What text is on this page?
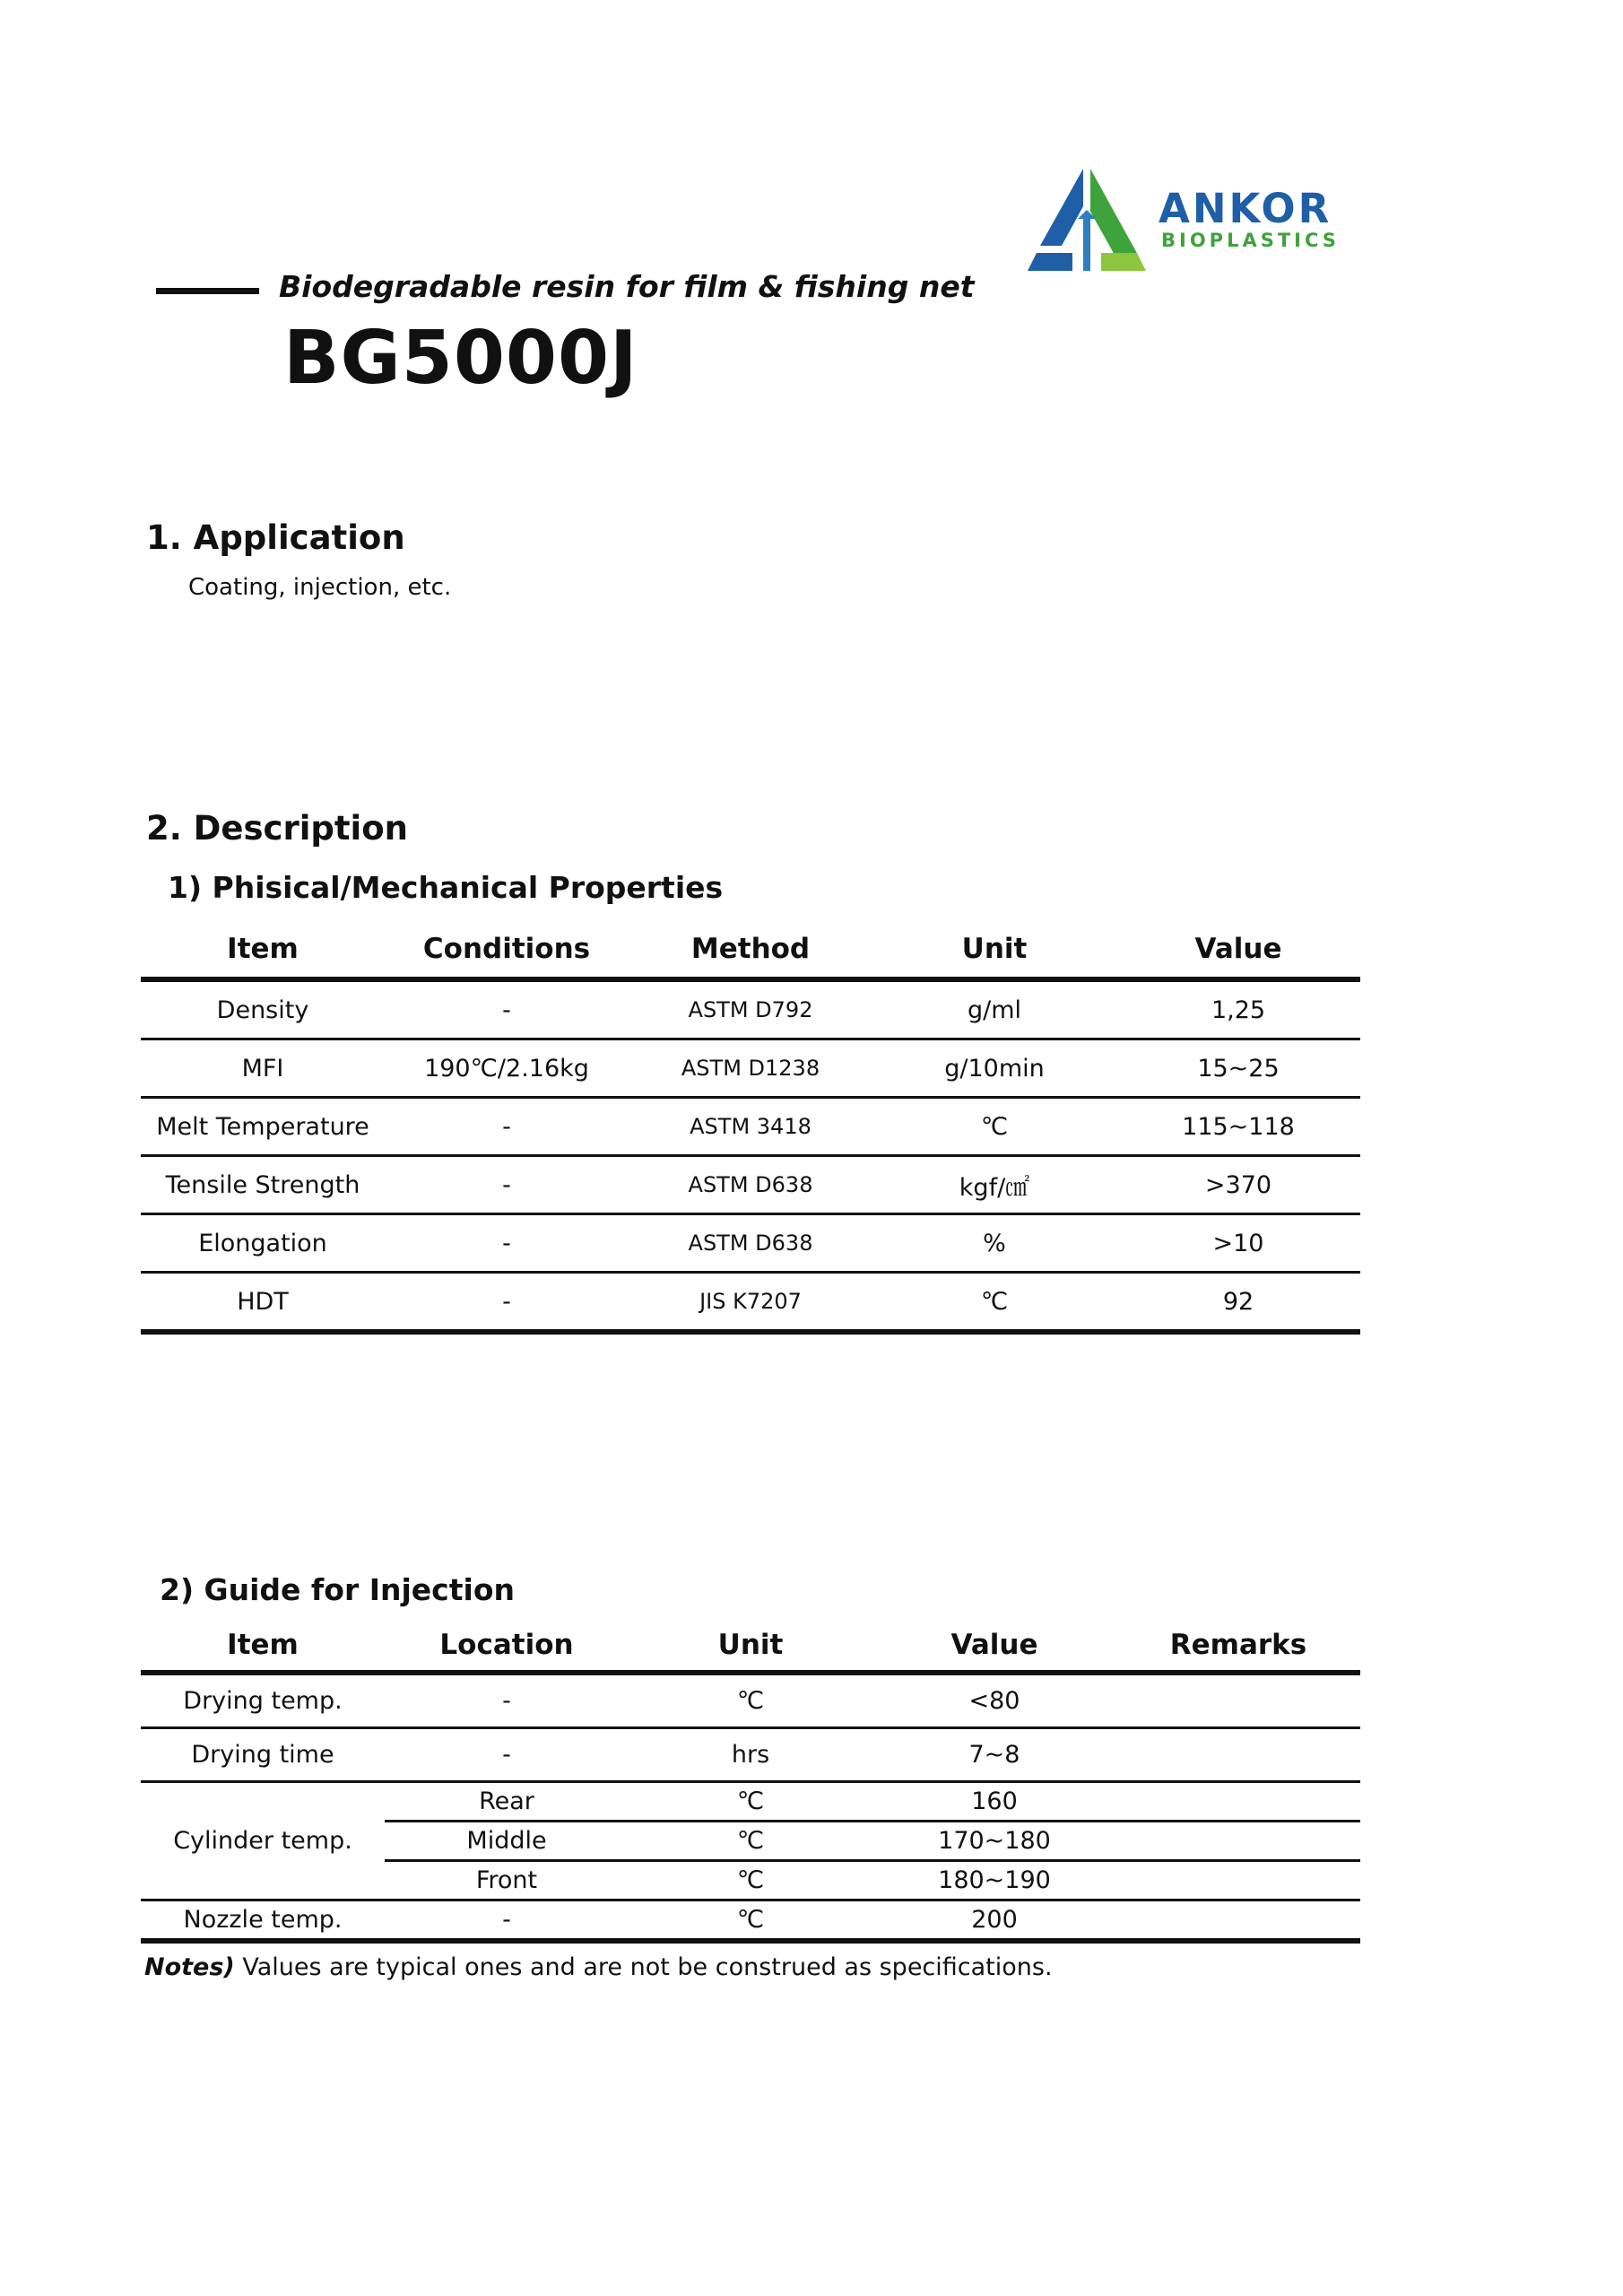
Biodegradable resin for film & fishing net
BG5000J
ANKOR
BIOPLASTICS
1. Application
Coating, injection, etc.
2. Description
1) Phisical/Mechanical Properties
Item	Conditions	Method	Unit	Value
Density	-	ASTM D792	g/ml	1,25
MFI	190℃/2.16kg	ASTM D1238	g/10min	15~25
Melt Temperature	-	ASTM 3418	℃	115~118
Tensile Strength	-	ASTM D638	kgf/㎠	>370
Elongation	-	ASTM D638	%	>10
HDT	-	JIS K7207	℃	92
2) Guide for Injection
Item	Location	Unit	Value	Remarks
Drying temp.	-	℃	<80	
Drying time	-	hrs	7~8	
Cylinder temp.	Rear	℃	160	
	Middle	℃	170~180	
	Front	℃	180~190	
Nozzle temp.	-	℃	200	
Notes) Values are typical ones and are not be construed as specifications.
